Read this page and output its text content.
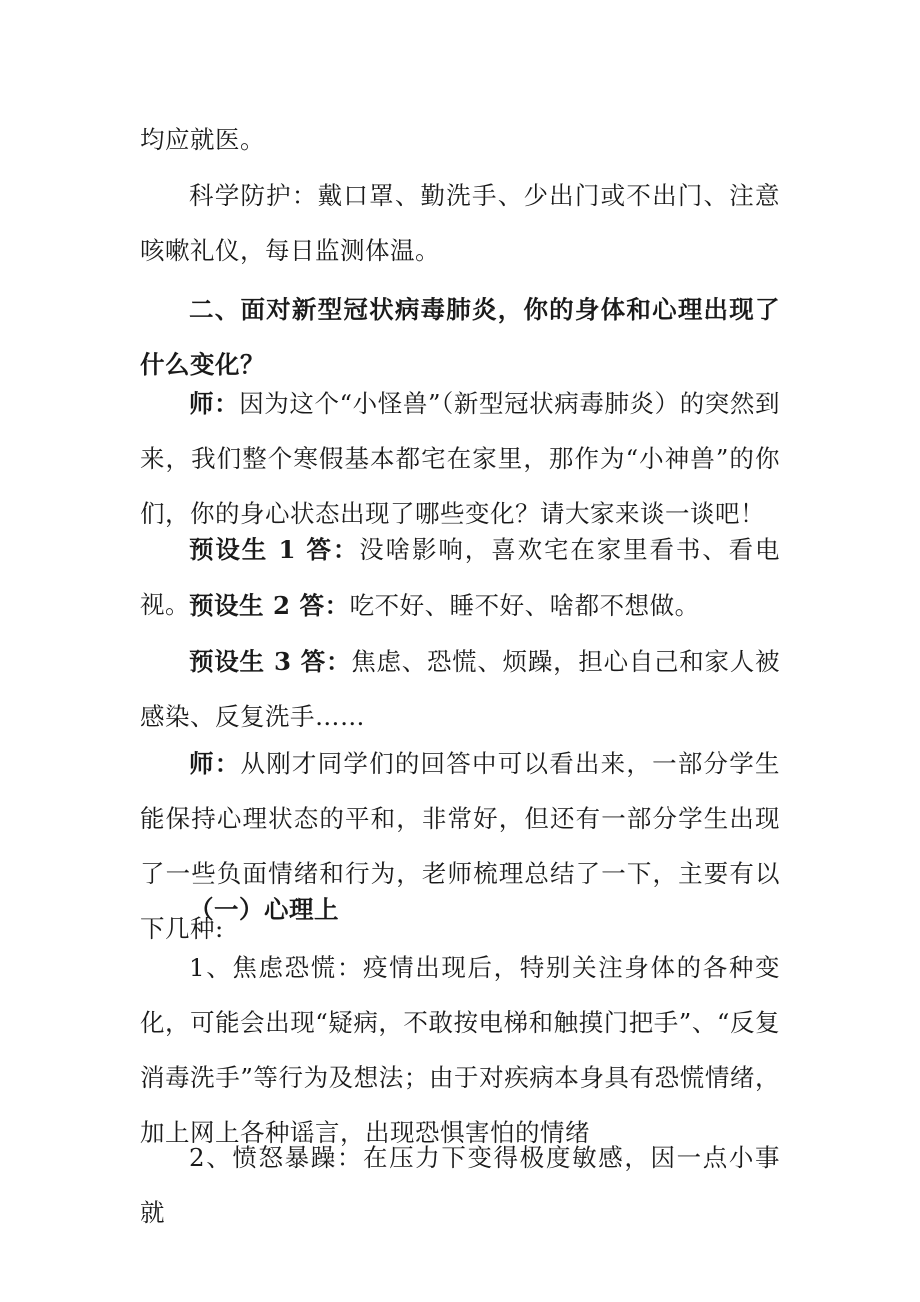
均应就医。

科学防护：戴口罩、勤洗手、少出门或不出门、注意咳嗽礼仪，每日监测体温。

二、面对新型冠状病毒肺炎，你的身体和心理出现了什么变化？

师：因为这个“小怪兽”（新型冠状病毒肺炎）的突然到来，我们整个寒假基本都宅在家里，那作为“小神兽”的你们，你的身心状态出现了哪些变化？请大家来谈一谈吧！

预设生 1 答：没啥影响，喜欢宅在家里看书、看电视。 预设生 2 答：吃不好、睡不好、啥都不想做。

预设生 3 答：焦虑、恐慌、烦躁，担心自己和家人被感染、反复洗手……

师：从刚才同学们的回答中可以看出来，一部分学生能保持心理状态的平和，非常好，但还有一部分学生出现了一些负面情绪和行为，老师梳理总结了一下，主要有以下几种:

（一）心理上

1、焦虑恐慌：疫情出现后，特别关注身体的各种变化，可能会出现“疑病，不敢按电梯和触摸门把手”、“反复消毒洗手”等行为及想法；由于对疾病本身具有恐慌情绪，加上网上各种谣言，出现恐惧害怕的情绪

2、愤怒暴躁：在压力下变得极度敏感，因一点小事就
